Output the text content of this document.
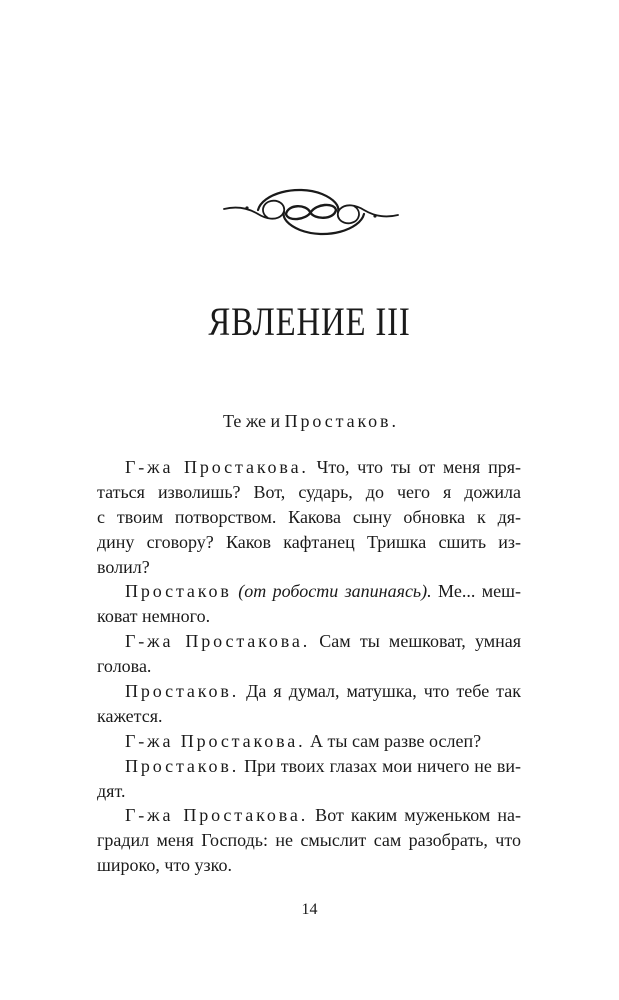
ЯВЛЕНИЕ III
Те же и Простаков.
Г-жа Простакова. Что, что ты от меня пря-
таться изволишь? Вот, сударь, до чего я дожила
с твоим потворством. Какова сыну обновка к дя-
дину сговору? Каков кафтанец Тришка сшить из-
волил?
Простаков (от робости запинаясь). Ме... меш-
коват немного.
Г-жа Простакова. Сам ты мешковат, умная
голова.
Простаков. Да я думал, матушка, что тебе так
кажется.
Г-жа Простакова. А ты сам разве ослеп?
Простаков. При твоих глазах мои ничего не ви-
дят.
Г-жа Простакова. Вот каким муженьком на-
градил меня Господь: не смыслит сам разобрать, что
широко, что узко.
14
